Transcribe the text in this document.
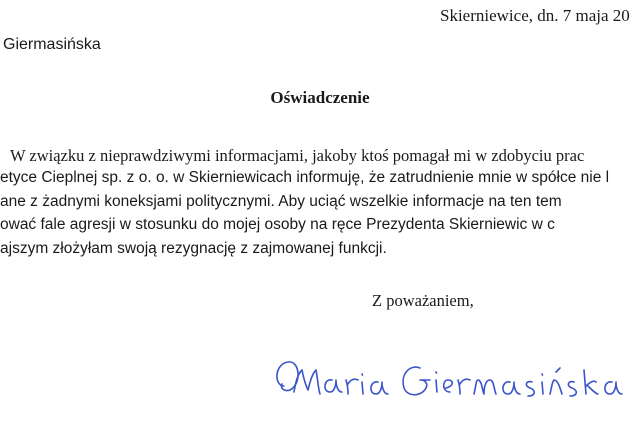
Skierniewice, dn. 7 maja 20
Giermasińska
Oświadczenie
W związku z nieprawdziwymi informacjami, jakoby ktoś pomagał mi w zdobyciu prac
etyce Cieplnej sp. z o. o. w Skierniewicach informuję, że zatrudnienie mnie w spółce nie l
ane z żadnymi koneksjami politycznymi. Aby uciąć wszelkie informacje na ten tem
ować fale agresji w stosunku do mojej osoby na ręce Prezydenta Skierniewic w c
ajszym złożyłam swoją rezygnację z zajmowanej funkcji.
Z poważaniem,
